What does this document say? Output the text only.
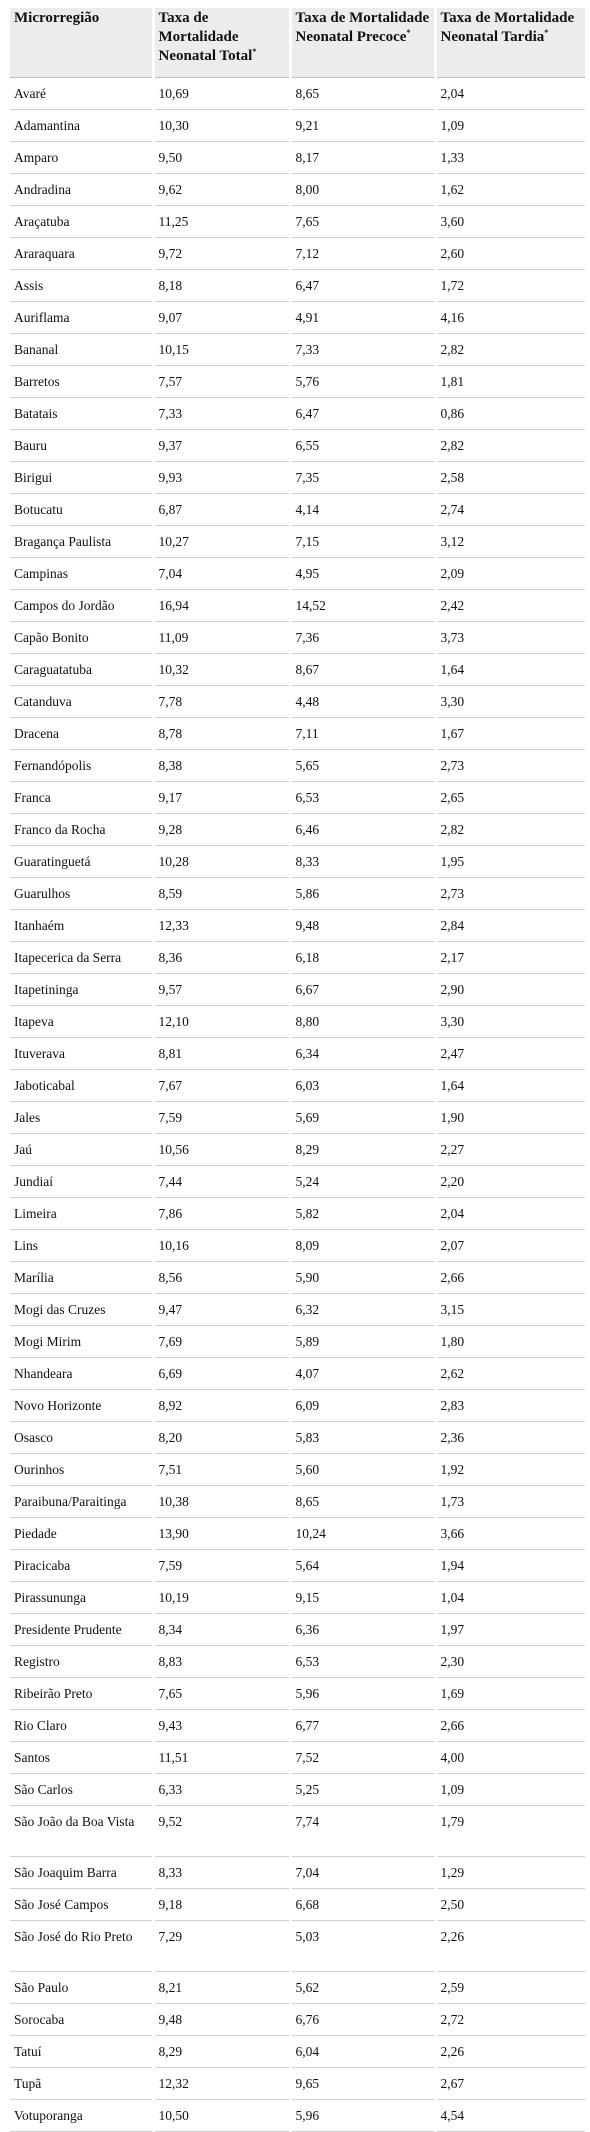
Microrregião	Taxa de Mortalidade Neonatal Total*	Taxa de Mortalidade Neonatal Precoce*	Taxa de Mortalidade Neonatal Tardia*
Avaré	10,69	8,65	2,04
Adamantina	10,30	9,21	1,09
Amparo	9,50	8,17	1,33
Andradina	9,62	8,00	1,62
Araçatuba	11,25	7,65	3,60
Araraquara	9,72	7,12	2,60
Assis	8,18	6,47	1,72
Auriflama	9,07	4,91	4,16
Bananal	10,15	7,33	2,82
Barretos	7,57	5,76	1,81
Batatais	7,33	6,47	0,86
Bauru	9,37	6,55	2,82
Birigui	9,93	7,35	2,58
Botucatu	6,87	4,14	2,74
Bragança Paulista	10,27	7,15	3,12
Campinas	7,04	4,95	2,09
Campos do Jordão	16,94	14,52	2,42
Capão Bonito	11,09	7,36	3,73
Caraguatatuba	10,32	8,67	1,64
Catanduva	7,78	4,48	3,30
Dracena	8,78	7,11	1,67
Fernandópolis	8,38	5,65	2,73
Franca	9,17	6,53	2,65
Franco da Rocha	9,28	6,46	2,82
Guaratinguetá	10,28	8,33	1,95
Guarulhos	8,59	5,86	2,73
Itanhaém	12,33	9,48	2,84
Itapecerica da Serra	8,36	6,18	2,17
Itapetininga	9,57	6,67	2,90
Itapeva	12,10	8,80	3,30
Ituverava	8,81	6,34	2,47
Jaboticabal	7,67	6,03	1,64
Jales	7,59	5,69	1,90
Jaú	10,56	8,29	2,27
Jundiaí	7,44	5,24	2,20
Limeira	7,86	5,82	2,04
Lins	10,16	8,09	2,07
Marília	8,56	5,90	2,66
Mogi das Cruzes	9,47	6,32	3,15
Mogi Mirim	7,69	5,89	1,80
Nhandeara	6,69	4,07	2,62
Novo Horizonte	8,92	6,09	2,83
Osasco	8,20	5,83	2,36
Ourinhos	7,51	5,60	1,92
Paraibuna/Paraitinga	10,38	8,65	1,73
Piedade	13,90	10,24	3,66
Piracicaba	7,59	5,64	1,94
Pirassununga	10,19	9,15	1,04
Presidente Prudente	8,34	6,36	1,97
Registro	8,83	6,53	2,30
Ribeirão Preto	7,65	5,96	1,69
Rio Claro	9,43	6,77	2,66
Santos	11,51	7,52	4,00
São Carlos	6,33	5,25	1,09
São João da Boa Vista	9,52	7,74	1,79
São Joaquim Barra	8,33	7,04	1,29
São José Campos	9,18	6,68	2,50
São José do Rio Preto	7,29	5,03	2,26
São Paulo	8,21	5,62	2,59
Sorocaba	9,48	6,76	2,72
Tatuí	8,29	6,04	2,26
Tupã	12,32	9,65	2,67
Votuporanga	10,50	5,96	4,54
